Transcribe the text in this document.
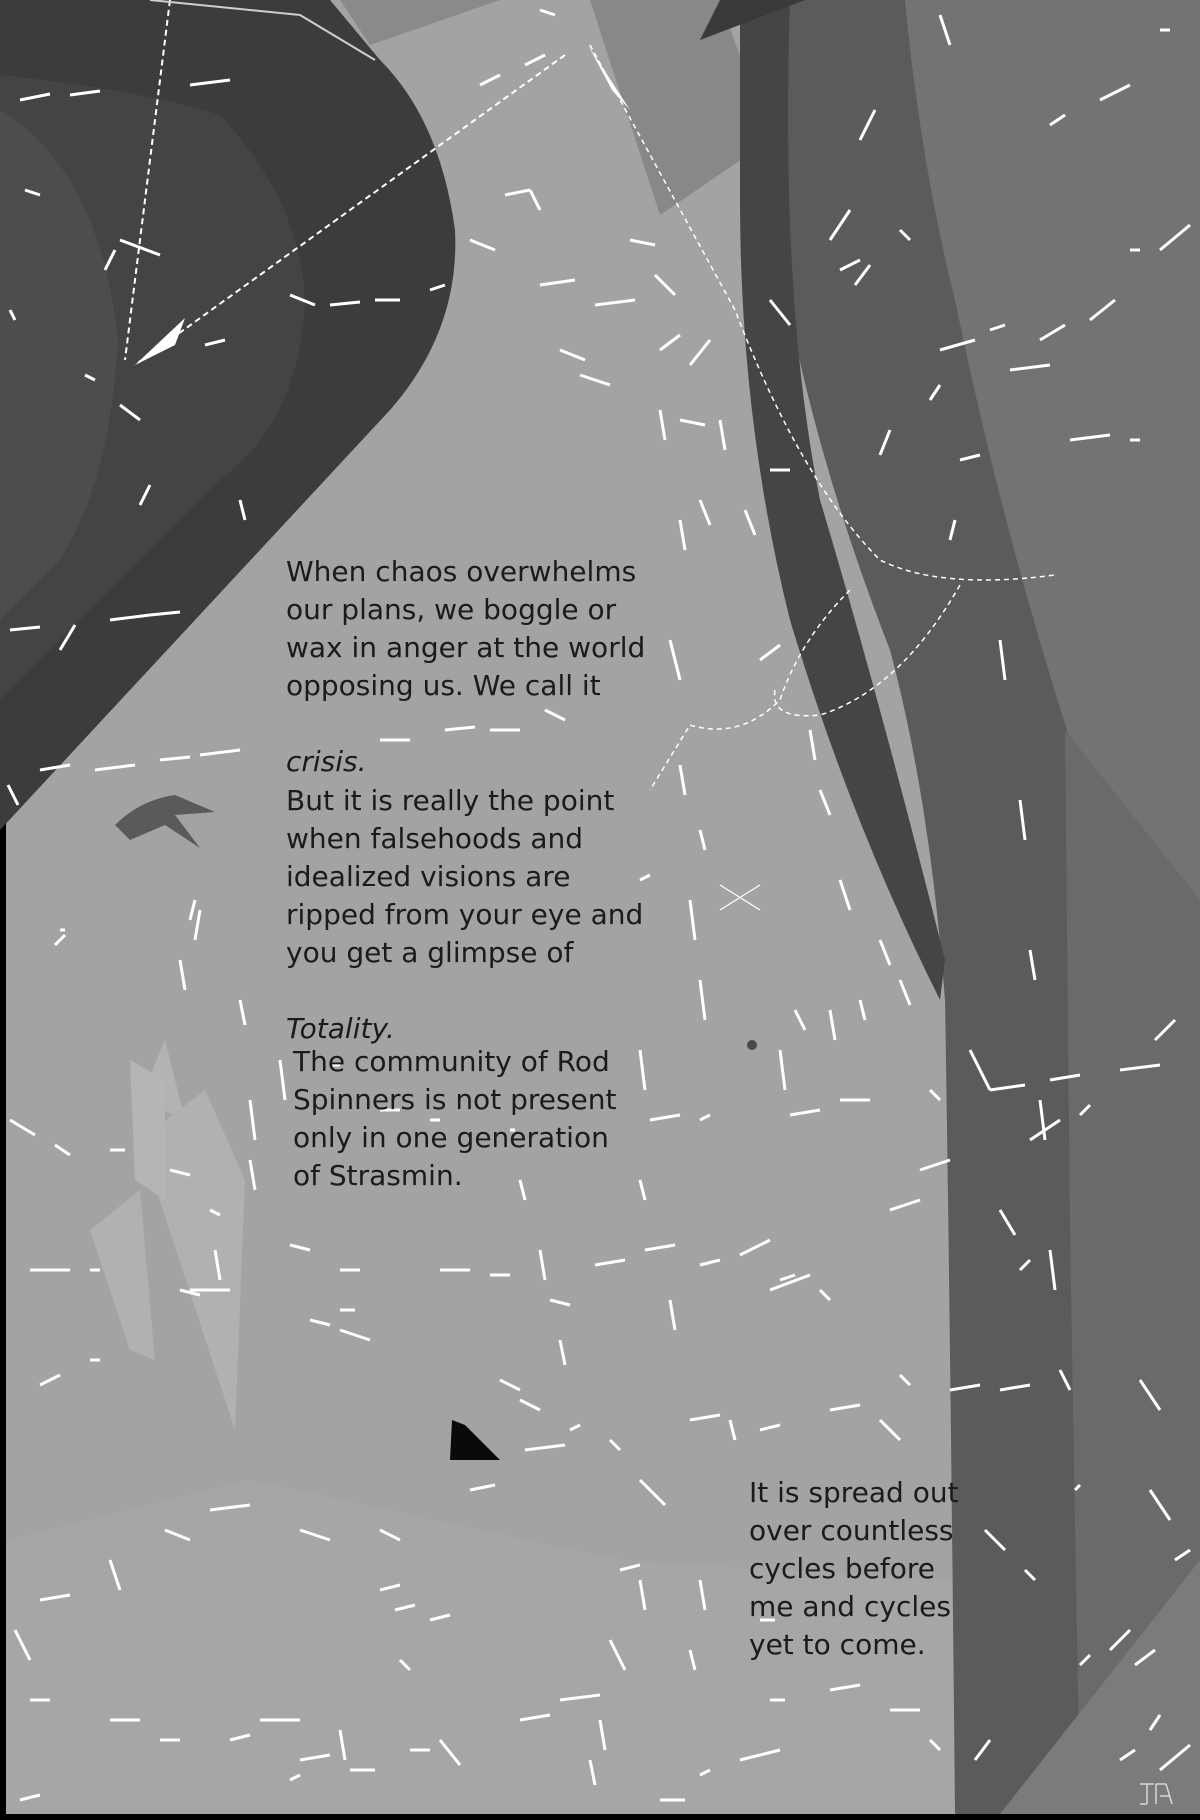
When chaos overwhelms
our plans, we boggle or
wax in anger at the world
opposing us. We call it

crisis.

But it is really the point
when falsehoods and
idealized visions are
ripped from your eye and
you get a glimpse of

Totality.

The community of Rod
Spinners is not present
only in one generation
of Strasmin.

It is spread out
over countless
cycles before
me and cycles
yet to come.
